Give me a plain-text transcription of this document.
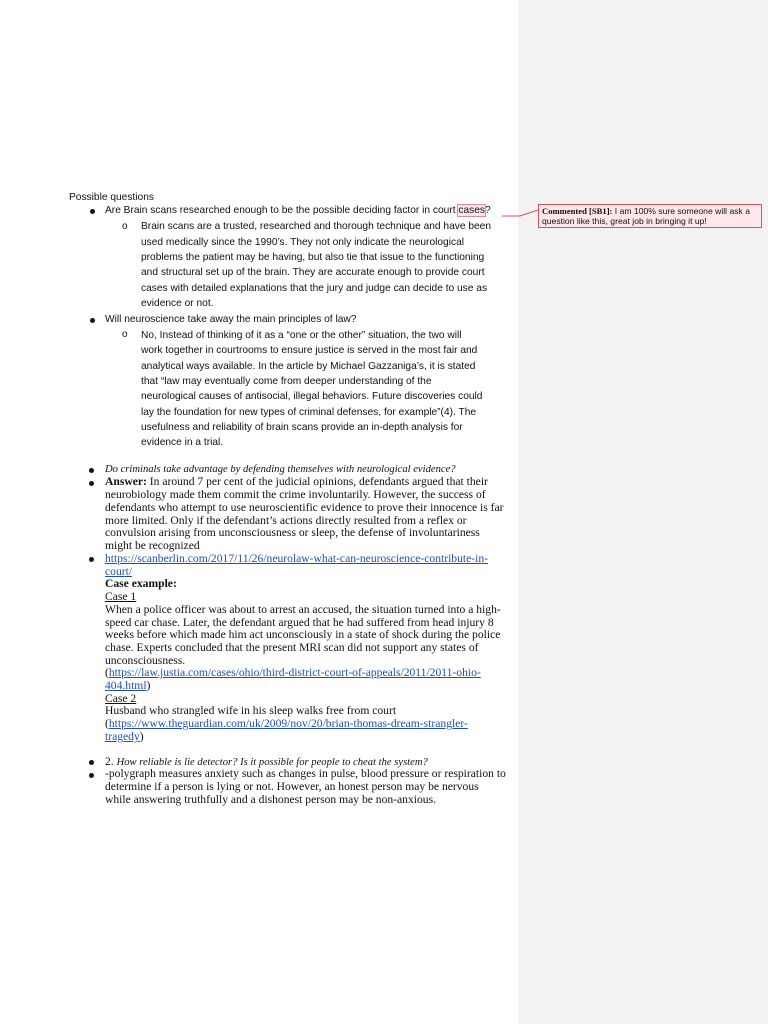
Possible questions
Are Brain scans researched enough to be the possible deciding factor in court cases?
o Brain scans are a trusted, researched and thorough technique and have been
used medically since the 1990’s. They not only indicate the neurological
problems the patient may be having, but also tie that issue to the functioning
and structural set up of the brain. They are accurate enough to provide court
cases with detailed explanations that the jury and judge can decide to use as
evidence or not.
Will neuroscience take away the main principles of law?
o No, Instead of thinking of it as a “one or the other” situation, the two will
work together in courtrooms to ensure justice is served in the most fair and
analytical ways available. In the article by Michael Gazzaniga’s, it is stated
that “law may eventually come from deeper understanding of the
neurological causes of antisocial, illegal behaviors. Future discoveries could
lay the foundation for new types of criminal defenses, for example”(4). The
usefulness and reliability of brain scans provide an in-depth analysis for
evidence in a trial.
Do criminals take advantage by defending themselves with neurological evidence?
Answer: In around 7 per cent of the judicial opinions, defendants argued that their
neurobiology made them commit the crime involuntarily. However, the success of
defendants who attempt to use neuroscientific evidence to prove their innocence is far
more limited. Only if the defendant’s actions directly resulted from a reflex or
convulsion arising from unconsciousness or sleep, the defense of involuntariness
might be recognized
https://scanberlin.com/2017/11/26/neurolaw-what-can-neuroscience-contribute-in-
court/
Case example:
Case 1
When a police officer was about to arrest an accused, the situation turned into a high-
speed car chase. Later, the defendant argued that he had suffered from head injury 8
weeks before which made him act unconsciously in a state of shock during the police
chase. Experts concluded that the present MRI scan did not support any states of
unconsciousness.
(https://law.justia.com/cases/ohio/third-district-court-of-appeals/2011/2011-ohio-
404.html)
Case 2
Husband who strangled wife in his sleep walks free from court
(https://www.theguardian.com/uk/2009/nov/20/brian-thomas-dream-strangler-
tragedy)
2. How reliable is lie detector? Is it possible for people to cheat the system?
-polygraph measures anxiety such as changes in pulse, blood pressure or respiration to
determine if a person is lying or not. However, an honest person may be nervous
while answering truthfully and a dishonest person may be non-anxious.
Commented [SB1]: I am 100% sure someone will ask a
question like this, great job in bringing it up!
